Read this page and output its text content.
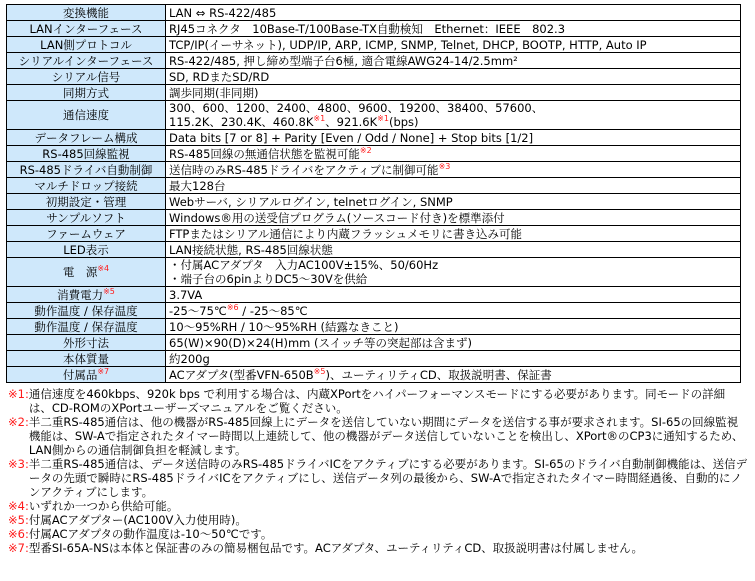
変換機能	LAN ⇔ RS-422/485
LANインターフェース	RJ45コネクタ　10Base-T/100Base-TX自動検知　Ethernet：IEEE　802.3
LAN側プロトコル	TCP/IP(イーサネット), UDP/IP, ARP, ICMP, SNMP, Telnet, DHCP, BOOTP, HTTP, Auto IP
シリアルインターフェース	RS-422/485, 押し締め型端子台6極, 適合電線AWG24-14/2.5mm²
シリアル信号	SD, RDまたSD/RD
同期方式	調歩同期(非同期)
通信速度	300、600、1200、2400、4800、9600、19200、38400、57600、
115.2K、230.4K、460.8K$^{※1}$、921.6K$^{※1}$(bps)

データフレーム構成	Data bits [7 or 8] + Parity [Even / Odd / None] + Stop bits [1/2]
RS-485回線監視	RS-485回線の無通信状態を監視可能$^{※2}$
RS-485ドライバ自動制御	送信時のみRS-485ドライバをアクティブに制御可能$^{※3}$
マルチドロップ接続	最大128台
初期設定・管理	Webサーバ, シリアルログイン, telnetログイン, SNMP
サンプルソフト	Windows®用の送受信プログラム(ソースコード付き)を標準添付
ファームウェア	FTPまたはシリアル通信により内蔵フラッシュメモリに書き込み可能
LED表示	LAN接続状態, RS-485回線状態
電　源$^{※4}$	・付属ACアダプタ　入力AC100V±15%、50/60Hz
・端子台の6pinよりDC5～30Vを供給

消費電力$^{※5}$	3.7VA
動作温度 / 保存温度	-25～75℃$^{※6}$ / -25～85℃
動作温度 / 保存温度	10～95%RH / 10～95%RH (結露なきこと)
外形寸法	65(W)×90(D)×24(H)mm (スイッチ等の突起部は含まず)
本体質量	約200g
付属品$^{※7}$	ACアダプタ(型番VFN-650B$^{※5}$)、ユーティリティCD、取扱説明書、保証書
※1: 通信速度を460kbps、920k bps で利用する場合は、内蔵XPortをハイパーフォーマンスモードにする必要があります。同モードの詳細は、CD-ROMのXPortユーザーズマニュアルをご覧ください。
※2: 半二重RS-485通信は、他の機器がRS-485回線上にデータを送信していない期間にデータを送信する事が要求されます。SI-65の回線監視機能は、SW-Aで指定されたタイマー時間以上連続して、他の機器がデータ送信していないことを検出し、XPort®のCP3に通知するため、LAN側からの通信制御負担を軽減します。
※3: 半二重RS-485通信は、データ送信時のみRS-485ドライバICをアクティブにする必要があります。SI-65のドライバ自動制御機能は、送信データの先頭で瞬時にRS-485ドライバICをアクティブにし、送信データ列の最後から、SW-Aで指定されたタイマー時間経過後、自動的にノンアクティブにします。
※4: いずれか一つから供給可能。
※5: 付属ACアダプター(AC100V入力使用時)。
※6: 付属ACアダプタの動作温度は-10～50℃です。
※7: 型番SI-65A-NSは本体と保証書のみの簡易梱包品です。ACアダプタ、ユーティリティCD、取扱説明書は付属しません。
